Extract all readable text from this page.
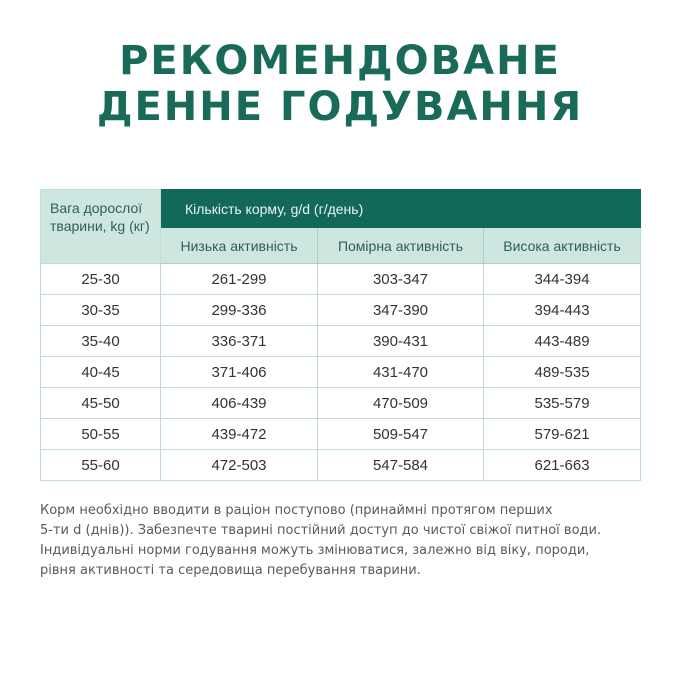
РЕКОМЕНДОВАНЕ
ДЕННЕ ГОДУВАННЯ
Вага дорослої тварини, kg (кг)	Кількість корму, g/d (г/день)		
	Низька активність	Помірна активність	Висока активність
25-30	261-299	303-347	344-394
30-35	299-336	347-390	394-443
35-40	336-371	390-431	443-489
40-45	371-406	431-470	489-535
45-50	406-439	470-509	535-579
50-55	439-472	509-547	579-621
55-60	472-503	547-584	621-663
Корм необхідно вводити в раціон поступово (принаймні протягом перших
5-ти d (днів)). Забезпечте тварині постійний доступ до чистої свіжої питної води.
Індивідуальні норми годування можуть змінюватися, залежно від віку, породи,
рівня активності та середовища перебування тварини.
